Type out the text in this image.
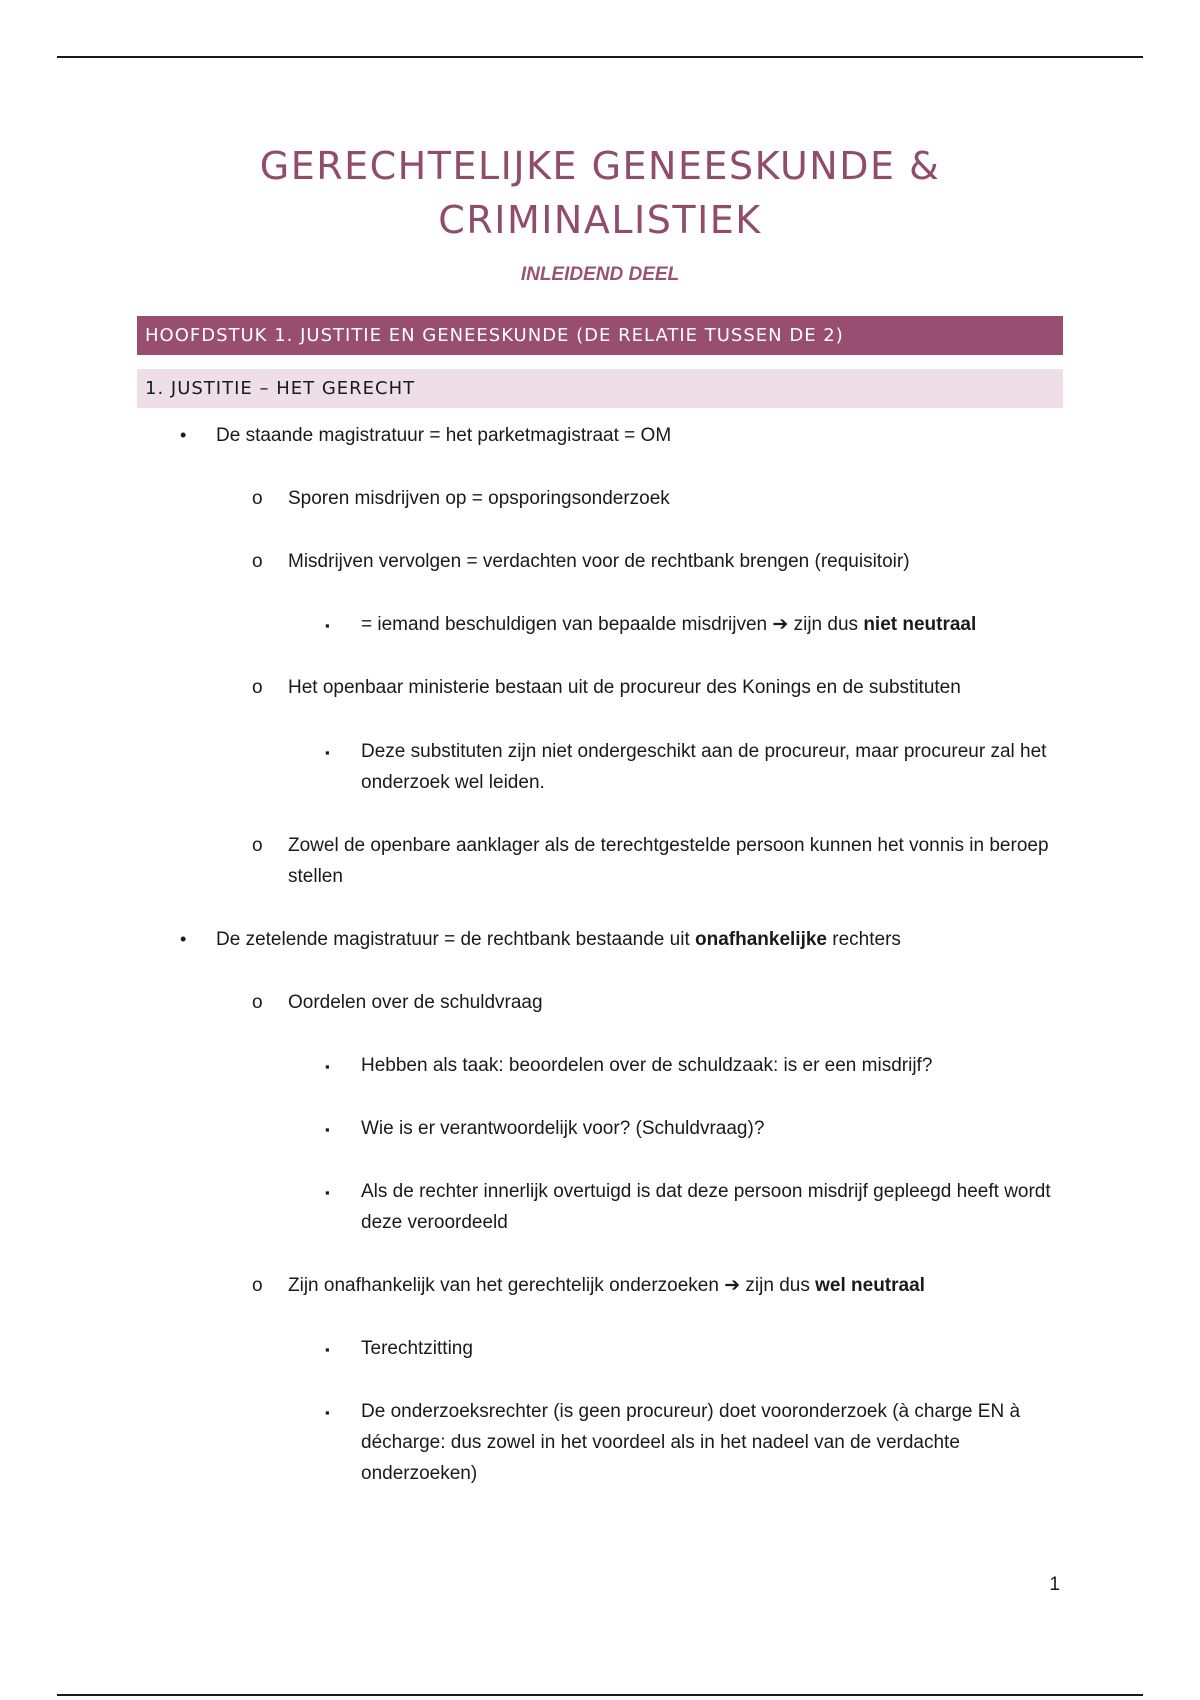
GERECHTELIJKE GENEESKUNDE &
CRIMINALISTIEK
INLEIDEND DEEL
HOOFDSTUK 1. JUSTITIE EN GENEESKUNDE (DE RELATIE TUSSEN DE 2)
1. JUSTITIE – HET GERECHT
• De staande magistratuur = het parketmagistraat = OM
o Sporen misdrijven op = opsporingsonderzoek
o Misdrijven vervolgen = verdachten voor de rechtbank brengen (requisitoir)
▪ = iemand beschuldigen van bepaalde misdrijven ➔ zijn dus niet neutraal
o Het openbaar ministerie bestaan uit de procureur des Konings en de substituten
▪ Deze substituten zijn niet ondergeschikt aan de procureur, maar procureur zal het onderzoek wel leiden.
o Zowel de openbare aanklager als de terechtgestelde persoon kunnen het vonnis in beroep stellen
• De zetelende magistratuur = de rechtbank bestaande uit onafhankelijke rechters
o Oordelen over de schuldvraag
▪ Hebben als taak: beoordelen over de schuldzaak: is er een misdrijf?
▪ Wie is er verantwoordelijk voor? (Schuldvraag)?
▪ Als de rechter innerlijk overtuigd is dat deze persoon misdrijf gepleegd heeft wordt deze veroordeeld
o Zijn onafhankelijk van het gerechtelijk onderzoeken ➔ zijn dus wel neutraal
▪ Terechtzitting
▪ De onderzoeksrechter (is geen procureur) doet vooronderzoek (à charge EN à décharge: dus zowel in het voordeel als in het nadeel van de verdachte onderzoeken)
1
